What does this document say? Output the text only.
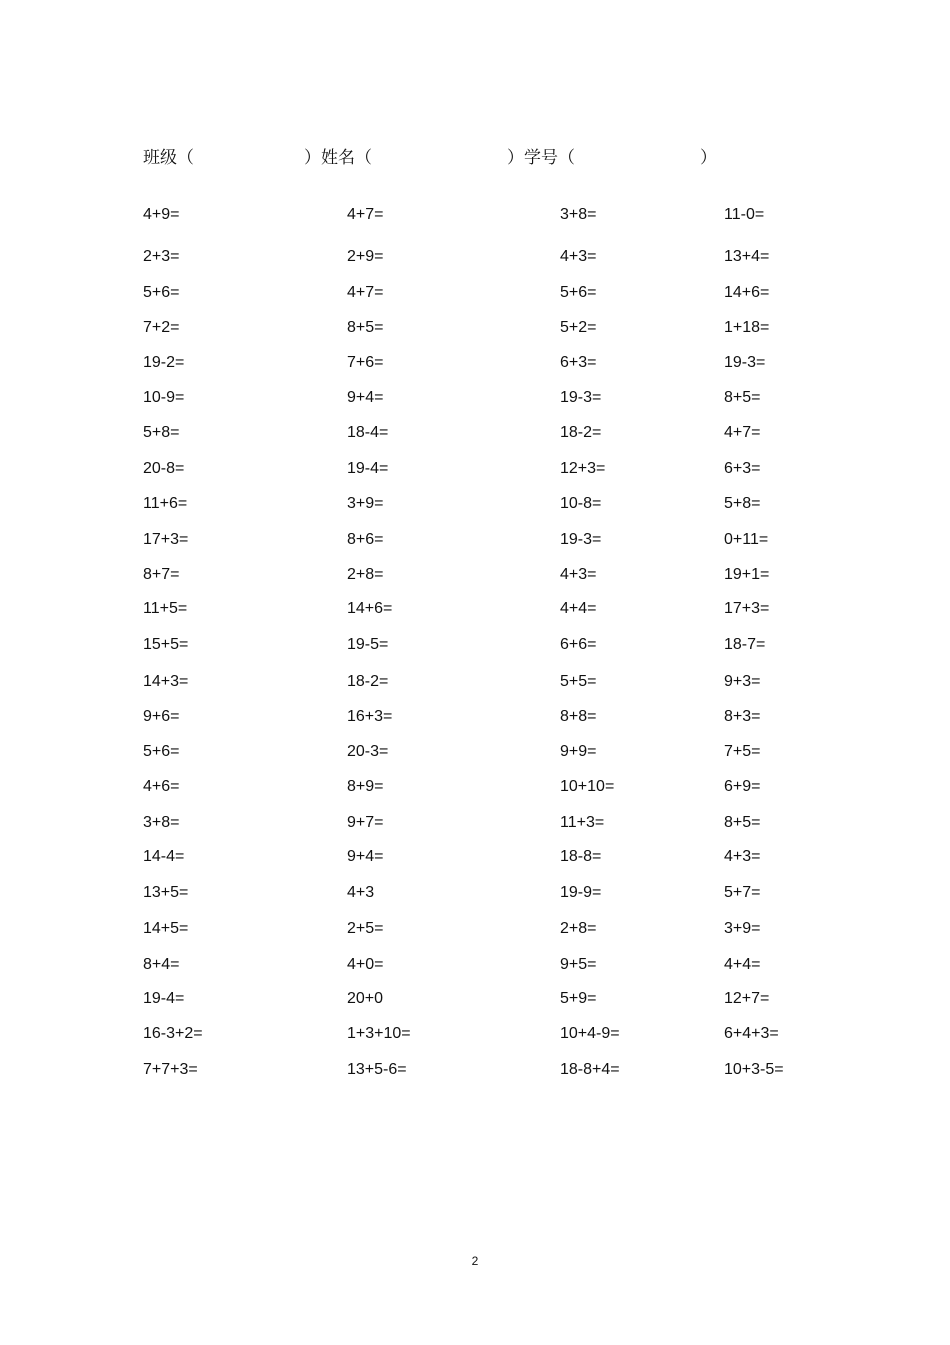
班级（	）姓名（	）学号（	）
4+9=	4+7=	3+8=	11-0=
2+3=	2+9=	4+3=	13+4=
5+6=	4+7=	5+6=	14+6=
7+2=	8+5=	5+2=	1+18=
19-2=	7+6=	6+3=	19-3=
10-9=	9+4=	19-3=	8+5=
5+8=	18-4=	18-2=	4+7=
20-8=	19-4=	12+3=	6+3=
11+6=	3+9=	10-8=	5+8=
17+3=	8+6=	19-3=	0+11=
8+7=	2+8=	4+3=	19+1=
11+5=	14+6=	4+4=	17+3=
15+5=	19-5=	6+6=	18-7=
14+3=	18-2=	5+5=	9+3=
9+6=	16+3=	8+8=	8+3=
5+6=	20-3=	9+9=	7+5=
4+6=	8+9=	10+10=	6+9=
3+8=	9+7=	11+3=	8+5=
14-4=	9+4=	18-8=	4+3=
13+5=	4+3	19-9=	5+7=
14+5=	2+5=	2+8=	3+9=
8+4=	4+0=	9+5=	4+4=
19-4=	20+0	5+9=	12+7=
16-3+2=	1+3+10=	10+4-9=	6+4+3=
7+7+3=	13+5-6=	18-8+4=	10+3-5=
2
